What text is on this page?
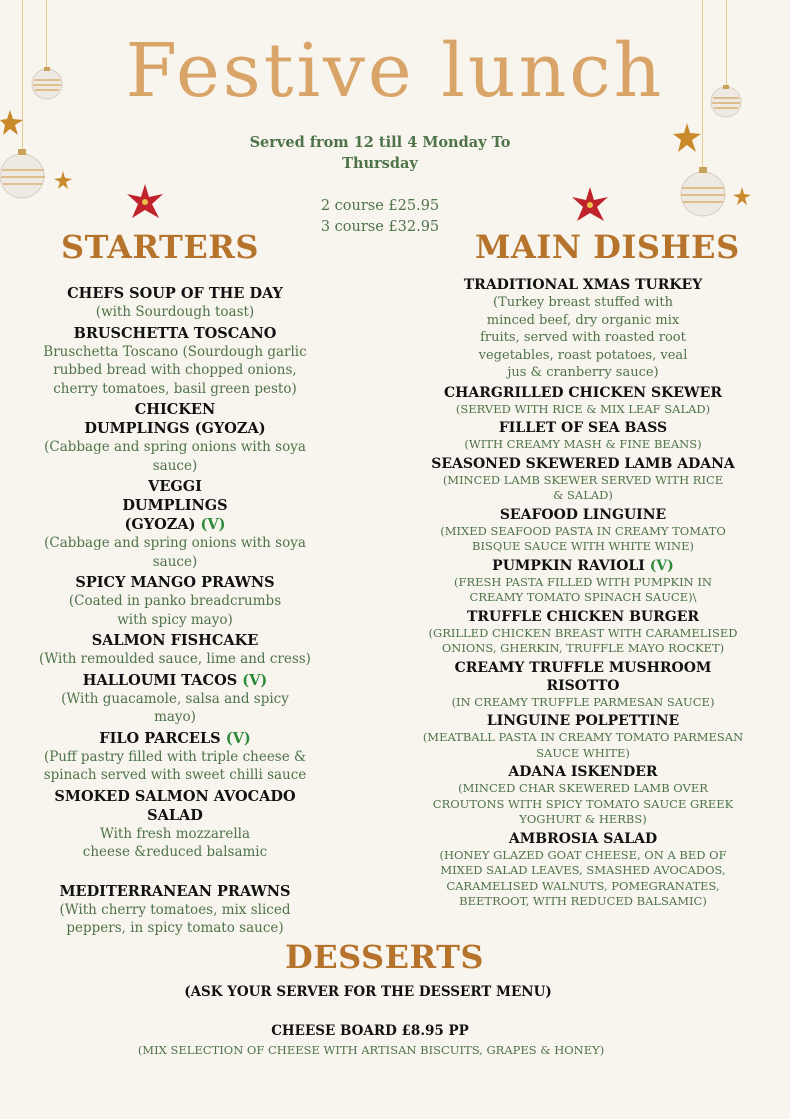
Festive lunch
Served from 12 till 4 Monday To
Thursday
2 course £25.95
3 course £32.95
STARTERS
CHEFS SOUP OF THE DAY
(with Sourdough toast)
BRUSCHETTA TOSCANO
Bruschetta Toscano (Sourdough garlic rubbed bread with chopped onions, cherry tomatoes, basil green pesto)
CHICKEN DUMPLINGS (GYOZA)
(Cabbage and spring onions with soya sauce)
VEGGI DUMPLINGS (GYOZA) (V)
(Cabbage and spring onions with soya sauce)
SPICY MANGO PRAWNS
(Coated in panko breadcrumbs with spicy mayo)
SALMON FISHCAKE
(With remoulded sauce, lime and cress)
HALLOUMI TACOS (V)
(With guacamole, salsa and spicy mayo)
FILO PARCELS (V)
(Puff pastry filled with triple cheese & spinach served with sweet chilli sauce
SMOKED SALMON AVOCADO SALAD
With fresh mozzarella cheese &reduced balsamic
MEDITERRANEAN PRAWNS
(With cherry tomatoes, mix sliced peppers, in spicy tomato sauce)
MAIN DISHES
TRADITIONAL XMAS TURKEY
(Turkey breast stuffed with minced beef, dry organic mix fruits, served with roasted root vegetables, roast potatoes, veal jus & cranberry sauce)
CHARGRILLED CHICKEN SKEWER
(SERVED WITH RICE & MIX LEAF SALAD)
FILLET OF SEA BASS
(WITH CREAMY MASH & FINE BEANS)
SEASONED SKEWERED LAMB ADANA
(MINCED LAMB SKEWER SERVED WITH RICE & SALAD)
SEAFOOD LINGUINE
(MIXED SEAFOOD PASTA IN CREAMY TOMATO BISQUE SAUCE WITH WHITE WINE)
PUMPKIN RAVIOLI (V)
(FRESH PASTA FILLED WITH PUMPKIN IN CREAMY TOMATO SPINACH SAUCE)\
TRUFFLE CHICKEN BURGER
(GRILLED CHICKEN BREAST WITH CARAMELISED ONIONS, GHERKIN, TRUFFLE MAYO ROCKET)
CREAMY TRUFFLE MUSHROOM RISOTTO
(IN CREAMY TRUFFLE PARMESAN SAUCE)
LINGUINE POLPETTINE
(MEATBALL PASTA IN CREAMY TOMATO PARMESAN SAUCE WHITE)
ADANA ISKENDER
(MINCED CHAR SKEWERED LAMB OVER CROUTONS WITH SPICY TOMATO SAUCE GREEK YOGHURT & HERBS)
AMBROSIA SALAD
(HONEY GLAZED GOAT CHEESE, ON A BED OF MIXED SALAD LEAVES, SMASHED AVOCADOS, CARAMELISED WALNUTS, POMEGRANATES, BEETROOT, WITH REDUCED BALSAMIC)
DESSERTS
(ASK YOUR SERVER FOR THE DESSERT MENU)
CHEESE BOARD £8.95 PP
(MIX SELECTION OF CHEESE WITH ARTISAN BISCUITS, GRAPES & HONEY)
